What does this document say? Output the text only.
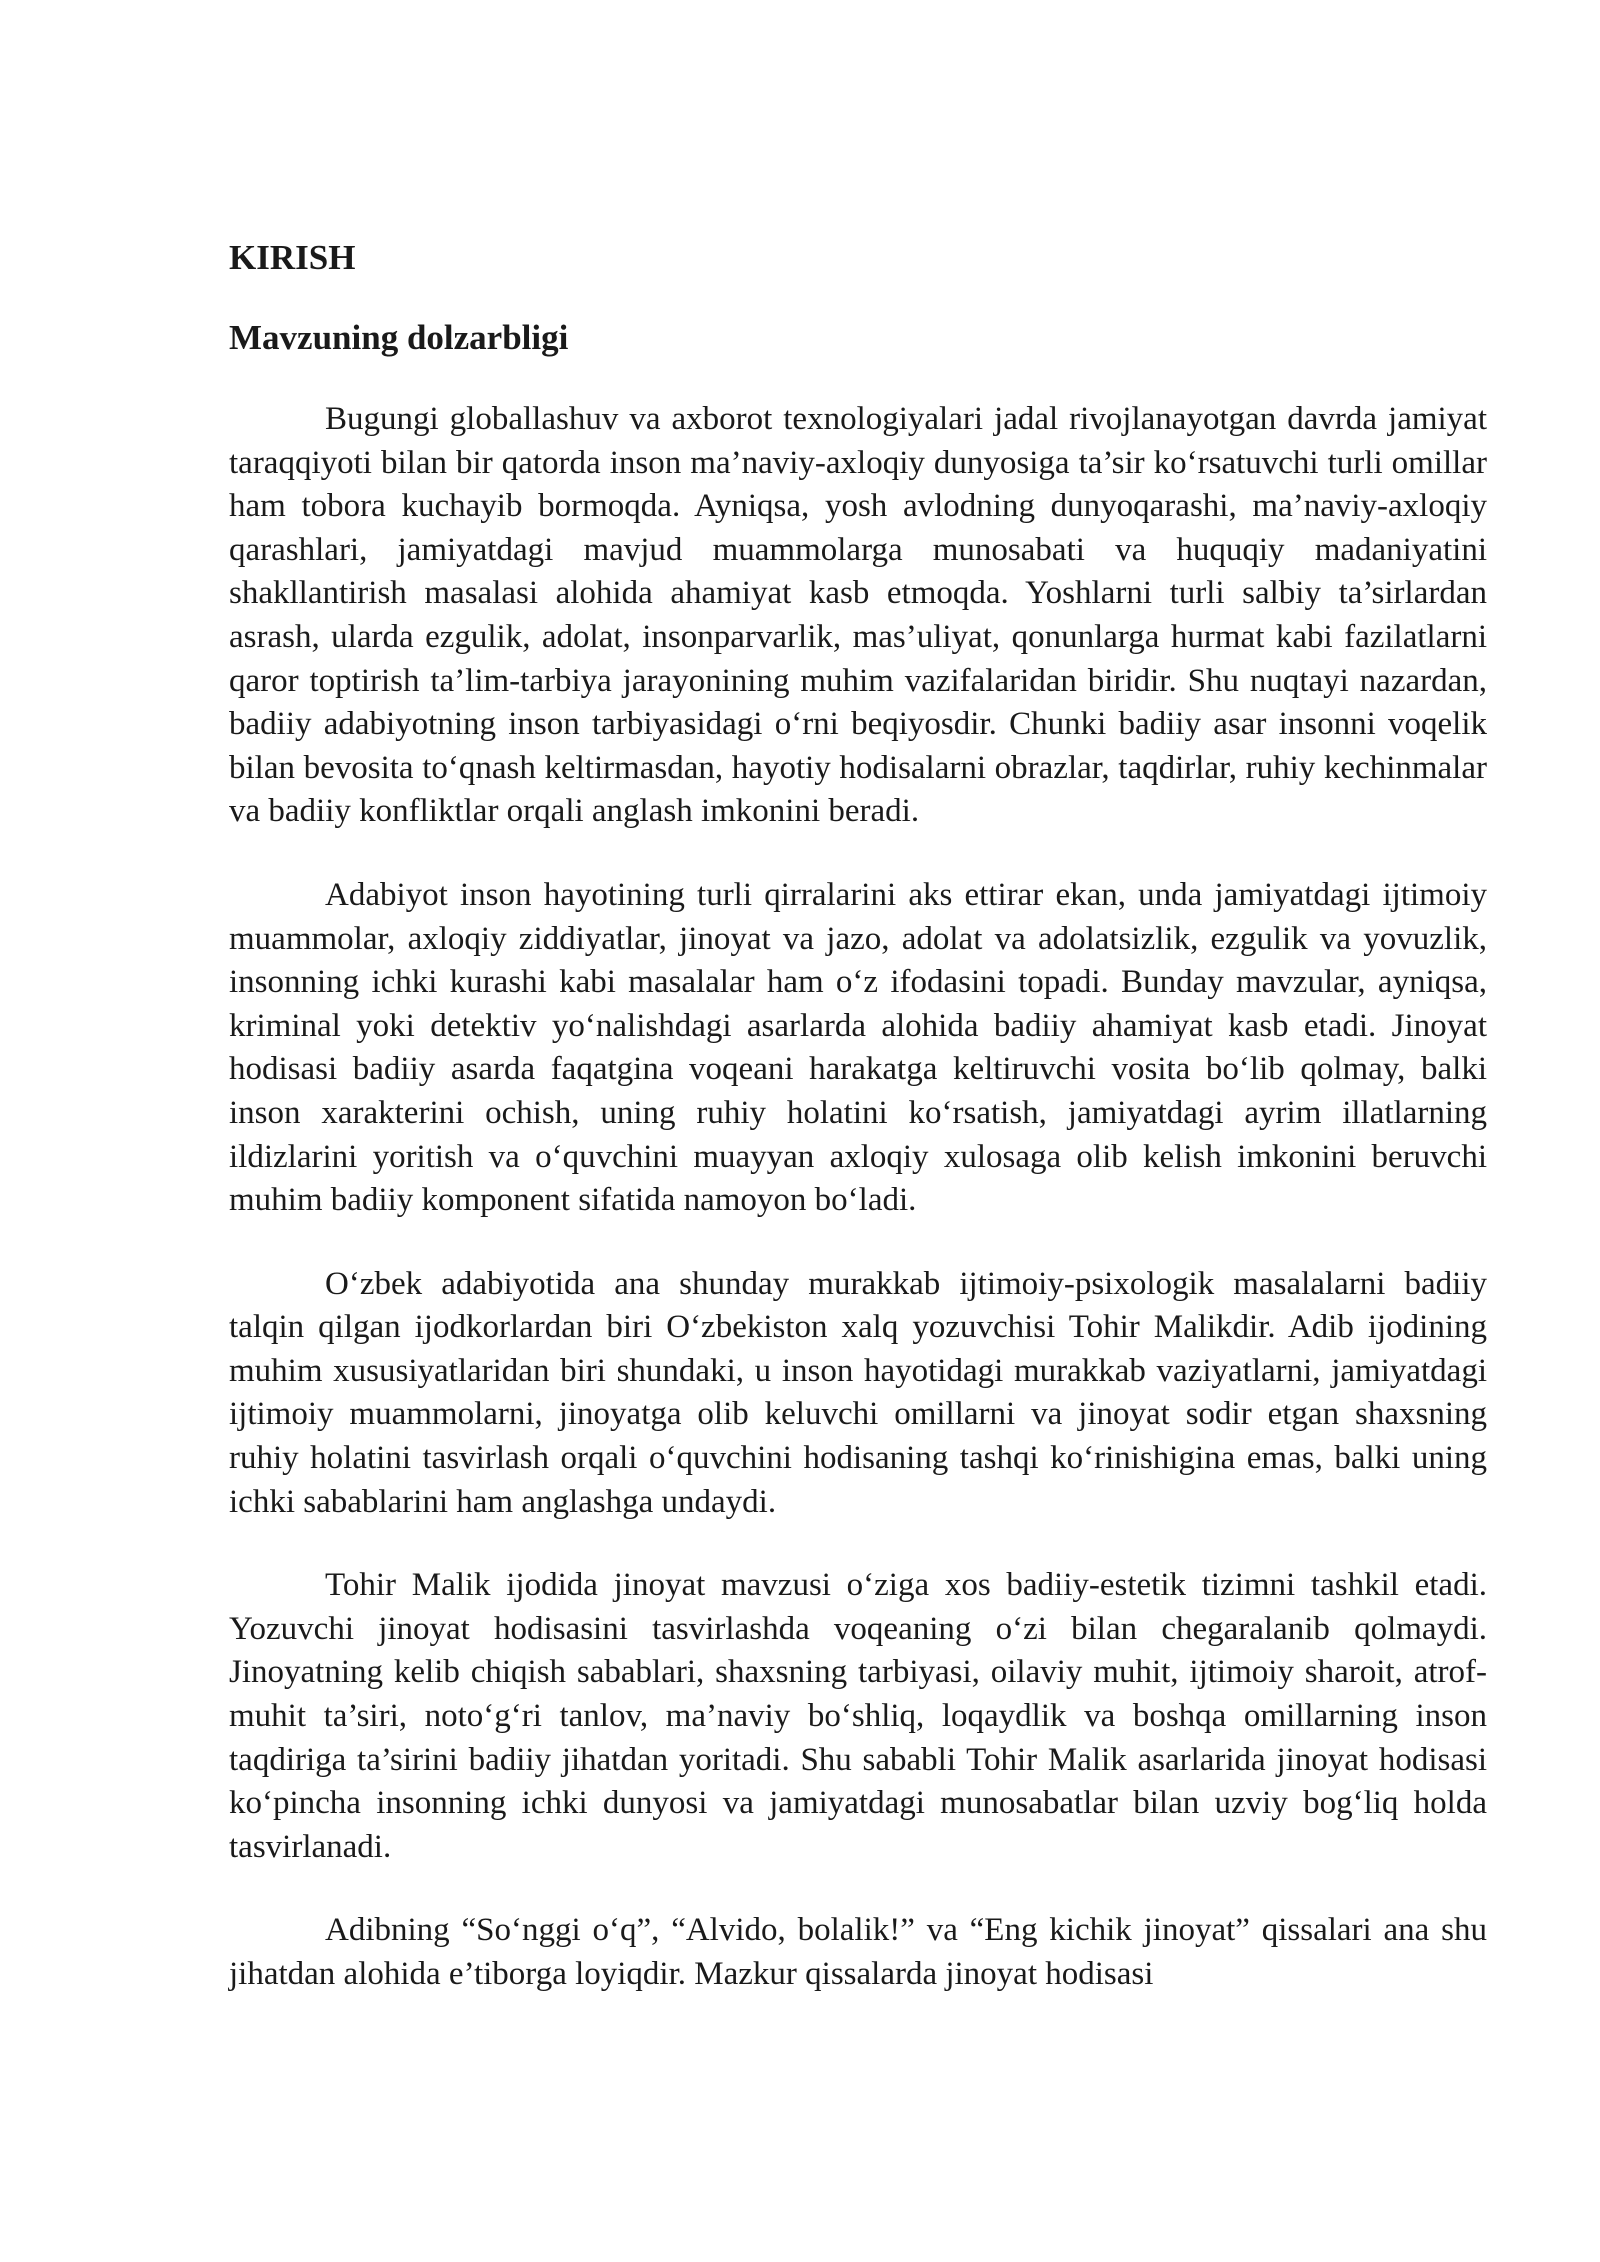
KIRISH
Mavzuning dolzarbligi

Bugungi globallashuv va axborot texnologiyalari jadal rivojlanayotgan davrda jamiyat taraqqiyoti bilan bir qatorda inson ma’naviy-axloqiy dunyosiga ta’sir ko‘rsatuvchi turli omillar ham tobora kuchayib bormoqda. Ayniqsa, yosh avlodning dunyoqarashi, ma’naviy-axloqiy qarashlari, jamiyatdagi mavjud muammolarga munosabati va huquqiy madaniyatini shakllantirish masalasi alohida ahamiyat kasb etmoqda. Yoshlarni turli salbiy ta’sirlardan asrash, ularda ezgulik, adolat, insonparvarlik, mas’uliyat, qonunlarga hurmat kabi fazilatlarni qaror toptirish ta’lim-tarbiya jarayonining muhim vazifalaridan biridir. Shu nuqtayi nazardan, badiiy adabiyotning inson tarbiyasidagi o‘rni beqiyosdir. Chunki badiiy asar insonni voqelik bilan bevosita to‘qnash keltirmasdan, hayotiy hodisalarni obrazlar, taqdirlar, ruhiy kechinmalar va badiiy konfliktlar orqali anglash imkonini beradi.

Adabiyot inson hayotining turli qirralarini aks ettirar ekan, unda jamiyatdagi ijtimoiy muammolar, axloqiy ziddiyatlar, jinoyat va jazo, adolat va adolatsizlik, ezgulik va yovuzlik, insonning ichki kurashi kabi masalalar ham o‘z ifodasini topadi. Bunday mavzular, ayniqsa, kriminal yoki detektiv yo‘nalishdagi asarlarda alohida badiiy ahamiyat kasb etadi. Jinoyat hodisasi badiiy asarda faqatgina voqeani harakatga keltiruvchi vosita bo‘lib qolmay, balki inson xarakterini ochish, uning ruhiy holatini ko‘rsatish, jamiyatdagi ayrim illatlarning ildizlarini yoritish va o‘quvchini muayyan axloqiy xulosaga olib kelish imkonini beruvchi muhim badiiy komponent sifatida namoyon bo‘ladi.

O‘zbek adabiyotida ana shunday murakkab ijtimoiy-psixologik masalalarni badiiy talqin qilgan ijodkorlardan biri O‘zbekiston xalq yozuvchisi Tohir Malikdir. Adib ijodining muhim xususiyatlaridan biri shundaki, u inson hayotidagi murakkab vaziyatlarni, jamiyatdagi ijtimoiy muammolarni, jinoyatga olib keluvchi omillarni va jinoyat sodir etgan shaxsning ruhiy holatini tasvirlash orqali o‘quvchini hodisaning tashqi ko‘rinishigina emas, balki uning ichki sabablarini ham anglashga undaydi.

Tohir Malik ijodida jinoyat mavzusi o‘ziga xos badiiy-estetik tizimni tashkil etadi. Yozuvchi jinoyat hodisasini tasvirlashda voqeaning o‘zi bilan chegaralanib qolmaydi. Jinoyatning kelib chiqish sabablari, shaxsning tarbiyasi, oilaviy muhit, ijtimoiy sharoit, atrof-muhit ta’siri, noto‘g‘ri tanlov, ma’naviy bo‘shliq, loqaydlik va boshqa omillarning inson taqdiriga ta’sirini badiiy jihatdan yoritadi. Shu sababli Tohir Malik asarlarida jinoyat hodisasi ko‘pincha insonning ichki dunyosi va jamiyatdagi munosabatlar bilan uzviy bog‘liq holda tasvirlanadi.

Adibning “So‘nggi o‘q”, “Alvido, bolalik!” va “Eng kichik jinoyat” qissalari ana shu jihatdan alohida e’tiborga loyiqdir. Mazkur qissalarda jinoyat hodisasi
